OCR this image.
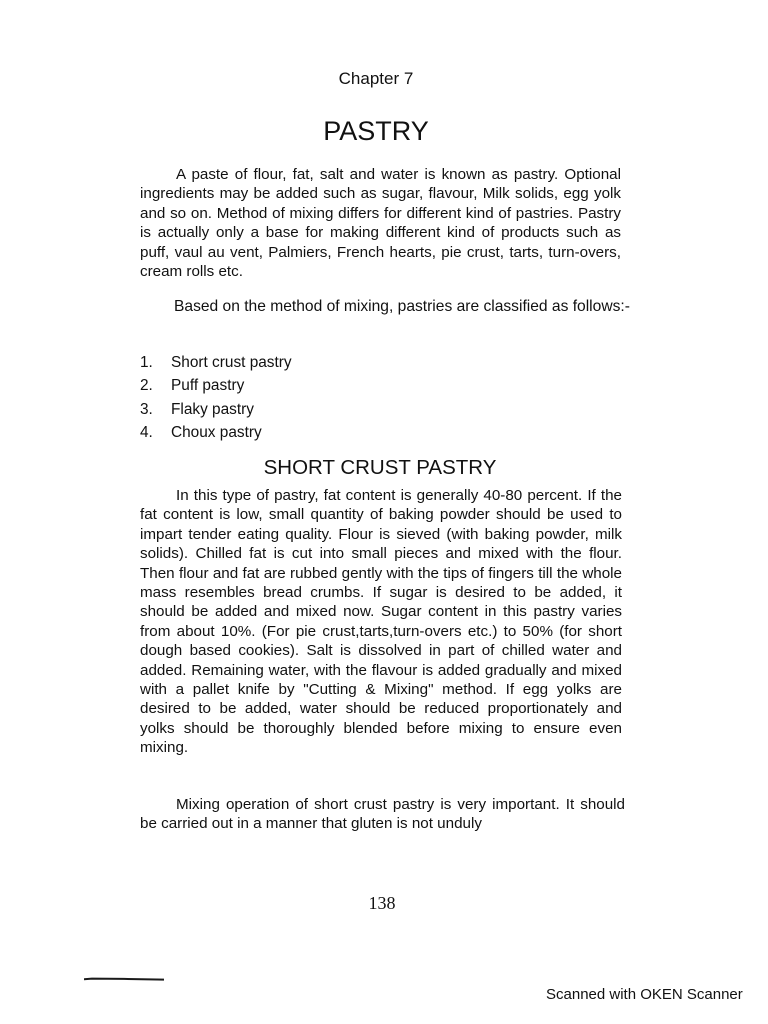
Chapter 7
PASTRY

A paste of flour, fat, salt and water is known as pastry. Optional ingredients may be added such as sugar, flavour, Milk solids, egg yolk and so on. Method of mixing differs for different kind of pastries. Pastry is actually only a base for making different kind of products such as puff, vaul au vent, Palmiers, French hearts, pie crust, tarts, turn-overs, cream rolls etc.

Based on the method of mixing, pastries are classified as follows:-

1. Short crust pastry
2. Puff pastry
3. Flaky pastry
4. Choux pastry
SHORT CRUST PASTRY

In this type of pastry, fat content is generally 40-80 percent. If the fat content is low, small quantity of baking powder should be used to impart tender eating quality. Flour is sieved (with baking powder, milk solids). Chilled fat is cut into small pieces and mixed with the flour. Then flour and fat are rubbed gently with the tips of fingers till the whole mass resembles bread crumbs. If sugar is desired to be added, it should be added and mixed now. Sugar content in this pastry varies from about 10%. (For pie crust,tarts,turn-overs etc.) to 50% (for short dough based cookies). Salt is dissolved in part of chilled water and added. Remaining water, with the flavour is added gradually and mixed with a pallet knife by "Cutting & Mixing" method. If egg yolks are desired to be added, water should be reduced proportionately and yolks should be thoroughly blended before mixing to ensure even mixing.

Mixing operation of short crust pastry is very important. It should be carried out in a manner that gluten is not unduly

138
Scanned with OKEN Scanner
